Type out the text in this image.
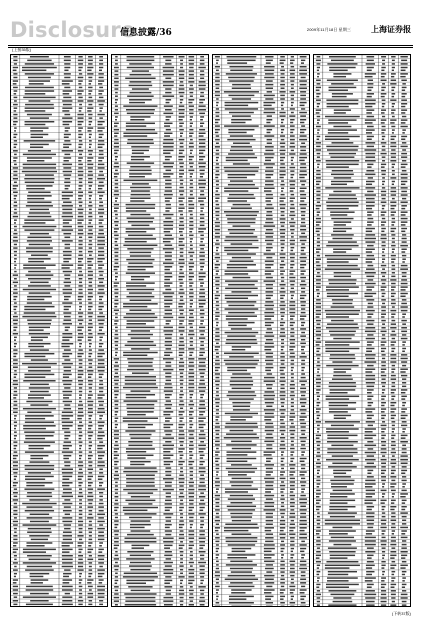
Disclosure
信息披露/36	2009年11月18日 星期三	上海证券报
(上接35版)
(下转37版)
